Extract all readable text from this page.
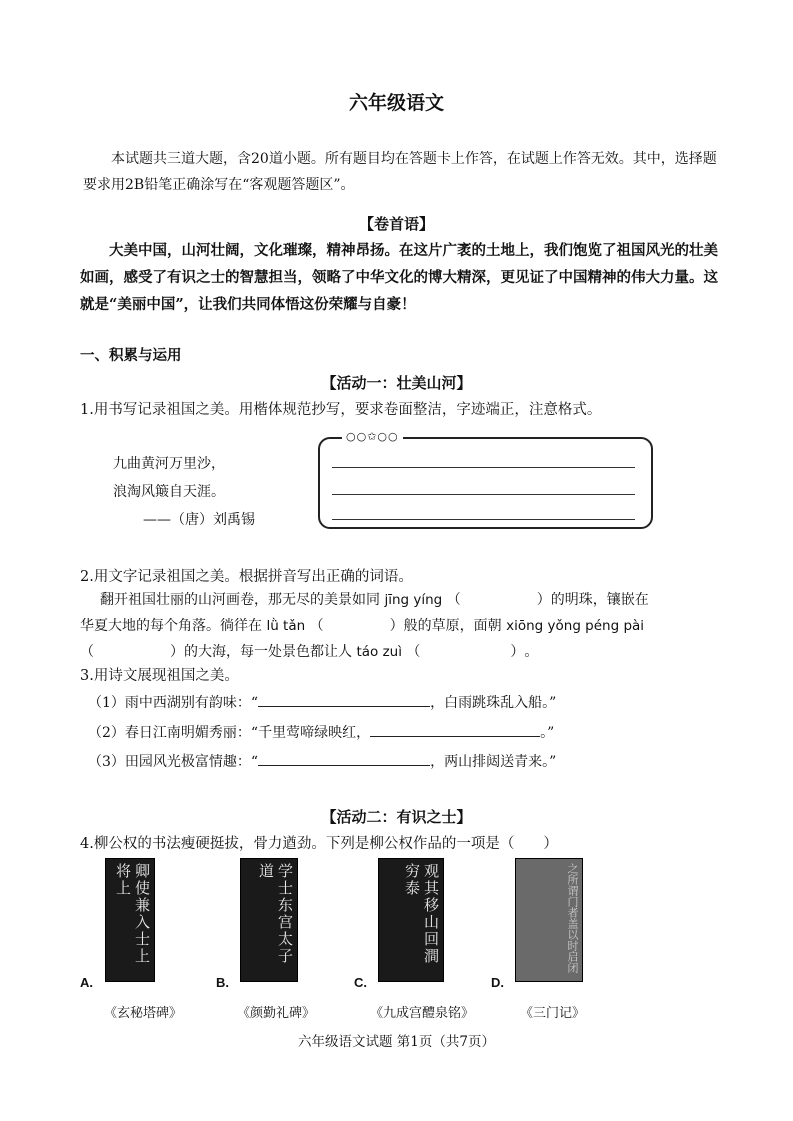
六年级语文
本试题共三道大题，含20道小题。所有题目均在答题卡上作答，在试题上作答无效。其中，选择题要求用2B铅笔正确涂写在“客观题答题区”。
【卷首语】
大美中国，山河壮阔，文化璀璨，精神昂扬。在这片广袤的土地上，我们饱览了祖国风光的壮美如画，感受了有识之士的智慧担当，领略了中华文化的博大精深，更见证了中国精神的伟大力量。这就是“美丽中国”，让我们共同体悟这份荣耀与自豪！
一、积累与运用
【活动一：壮美山河】
1.用书写记录祖国之美。用楷体规范抄写，要求卷面整洁，字迹端正，注意格式。
九曲黄河万里沙，
浪淘风簸自天涯。
——（唐）刘禹锡
○○✩○○
2.用文字记录祖国之美。根据拼音写出正确的词语。
翻开祖国壮丽的山河画卷，那无尽的美景如同 jīng yíng （	）的明珠，镶嵌在
华夏大地的每个角落。徜徉在 lǜ tǎn （	）般的草原，面朝 xiōng yǒng péng pài
（	）的大海，每一处景色都让人 táo zuì （	）。
3.用诗文展现祖国之美。
（1）雨中西湖别有韵味：“	，白雨跳珠乱入船。”
（2）春日江南明媚秀丽：“千里莺啼绿映红，	。”
（3）田园风光极富情趣：“	，两山排闼送青来。”
【活动二：有识之士】
4.柳公权的书法瘦硬挺拔，骨力遒劲。下列是柳公权作品的一项是（　　）
卿使兼入士上将上
A.
《玄秘塔碑》
学士东宫太子道
B.
《颜勤礼碑》
观其移山回澗穷泰
C.
《九成宫醴泉铭》
之所谓门者盖以时启闭
D.
《三门记》
六年级语文试题 第1页（共7页）
